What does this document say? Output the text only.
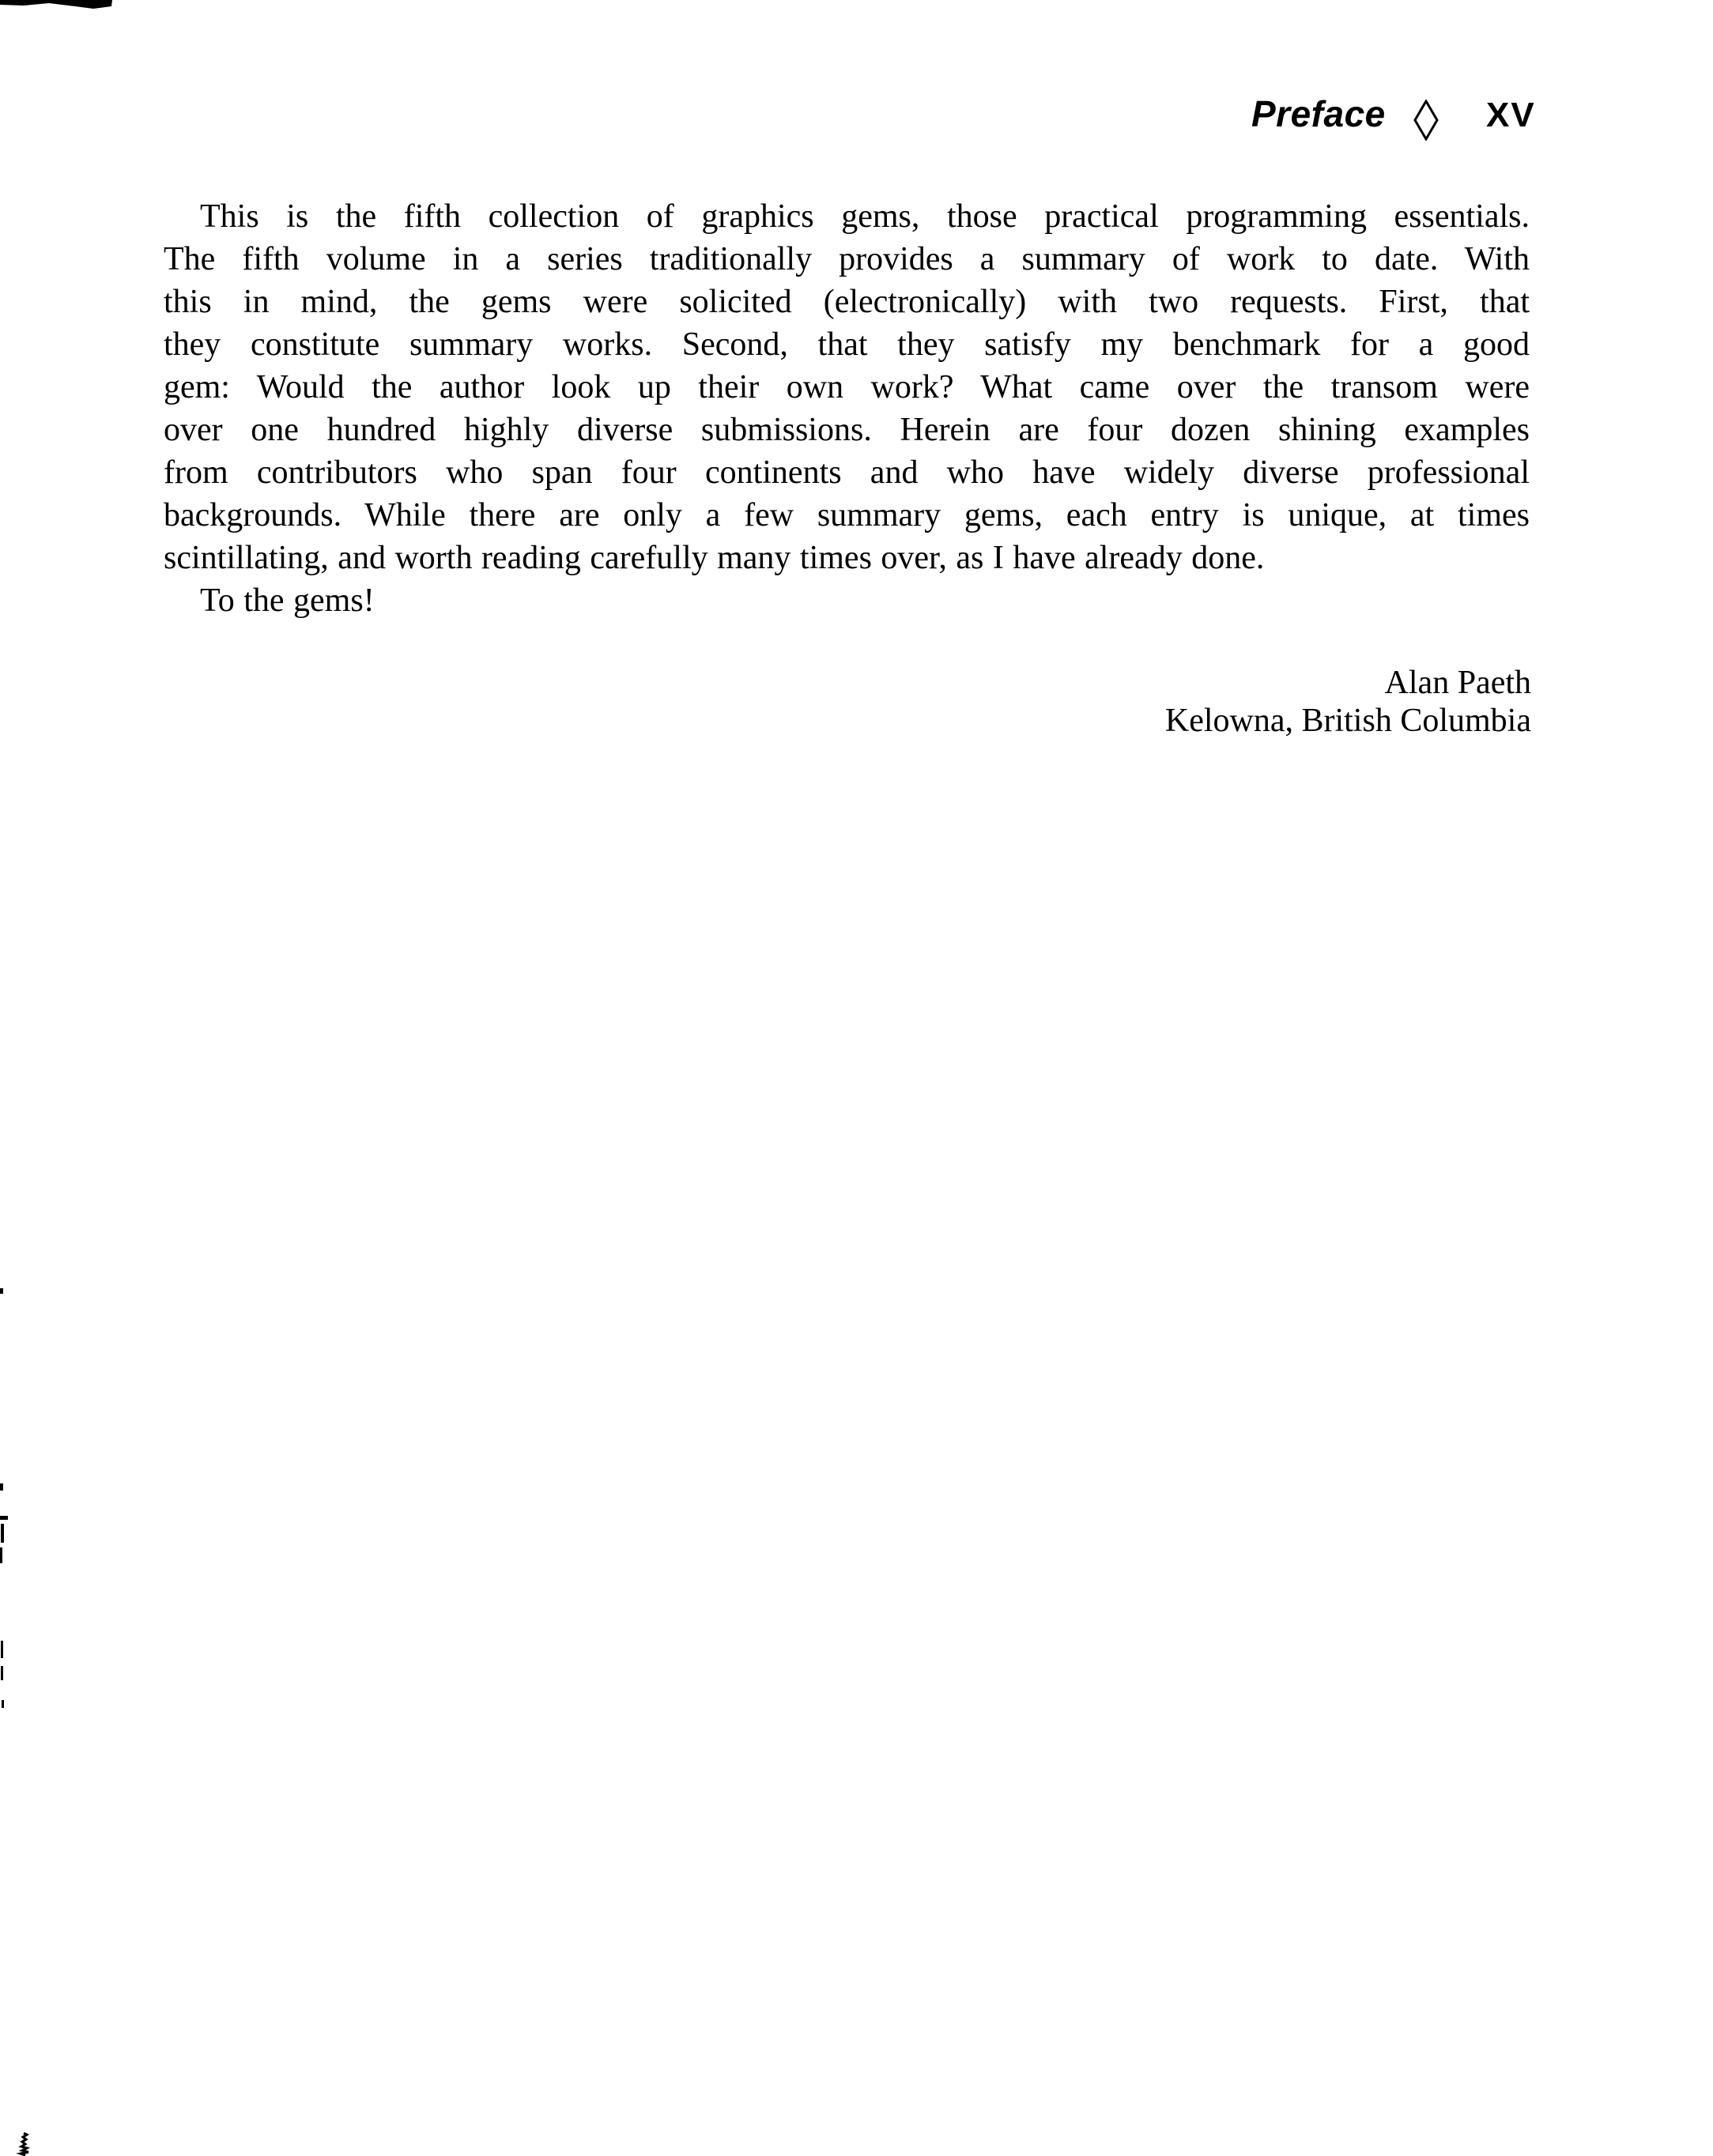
Preface	XV
This is the fifth collection of graphics gems, those practical programming essentials.
The fifth volume in a series traditionally provides a summary of work to date. With
this in mind, the gems were solicited (electronically) with two requests. First, that
they constitute summary works. Second, that they satisfy my benchmark for a good
gem: Would the author look up their own work? What came over the transom were
over one hundred highly diverse submissions. Herein are four dozen shining examples
from contributors who span four continents and who have widely diverse professional
backgrounds. While there are only a few summary gems, each entry is unique, at times
scintillating, and worth reading carefully many times over, as I have already done.
To the gems!
Alan Paeth
Kelowna, British Columbia
